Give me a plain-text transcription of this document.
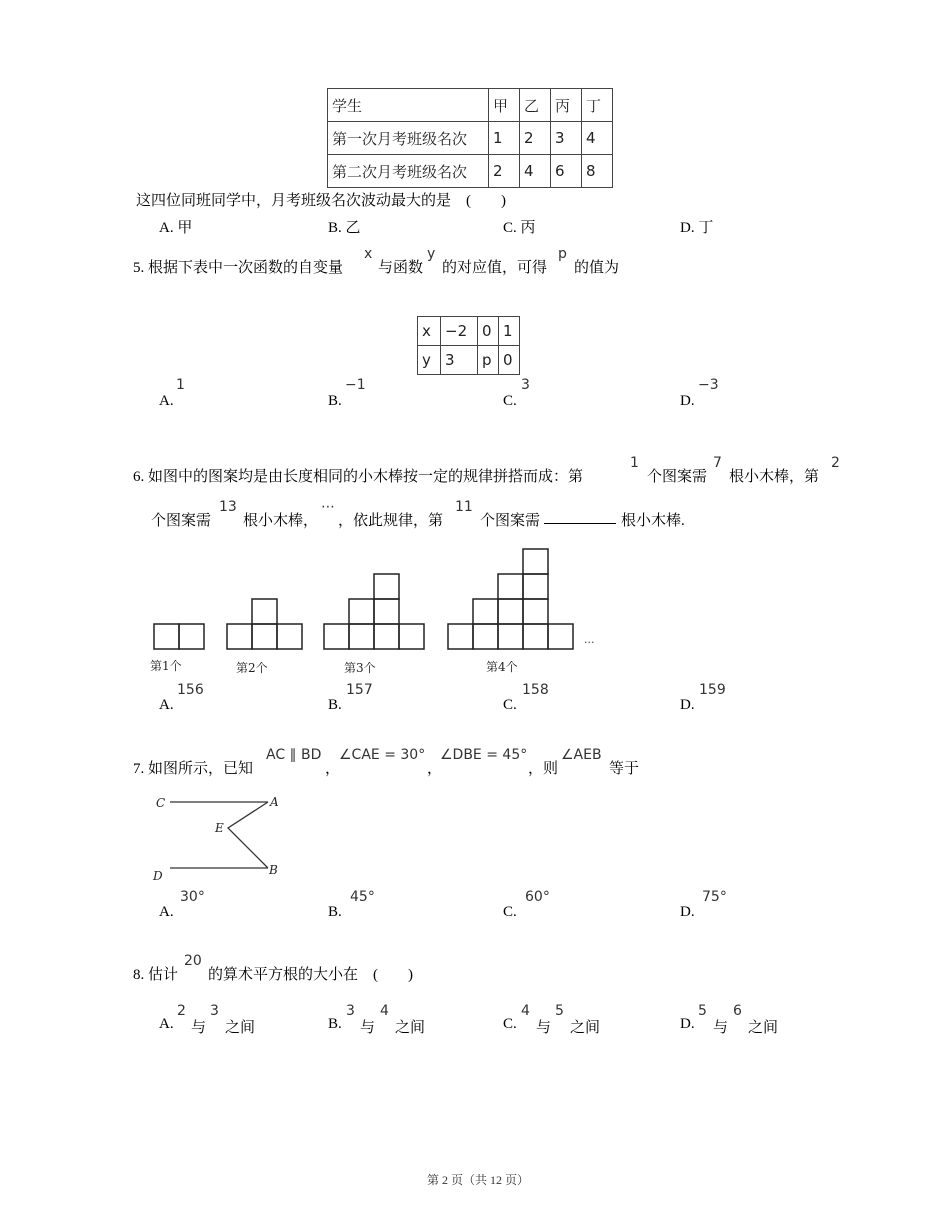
学生	甲	乙	丙	丁
第一次月考班级名次	1	2	3	4
第二次月考班级名次	2	4	6	8
这四位同班同学中，月考班级名次波动最大的是　(　　)
A. 甲	B. 乙	C. 丙	D. 丁
5. 根据下表中一次函数的自变量
x
与函数
y
的对应值，可得
p
的值为
x	−2	0	1
y	3	p	0
A.
1
B.
−1
C.
3
D.
−3
6. 如图中的图案均是由长度相同的小木棒按一定的规律拼搭而成：第
1
个图案需
7
根小木棒，第
2
个图案需
13
根小木棒，
⋯
，依此规律，第
11
个图案需	根小木棒.
第1个	第2个	第3个	第4个
...
A.
156
B.
157
C.
158
D.
159
7. 如图所示，已知
AC ∥ BD
，
∠CAE = 30°
，
∠DBE = 45°
，则
∠AEB
等于
C	A
E
D	B
A.
30°
B.
45°
C.
60°
D.
75°
8. 估计
20
的算术平方根的大小在　(　　)
A.
2
与
3
之间	B.
3
与
4
之间	C.
4
与
5
之间	D.
5
与
6
之间
第 2 页（共 12 页）
